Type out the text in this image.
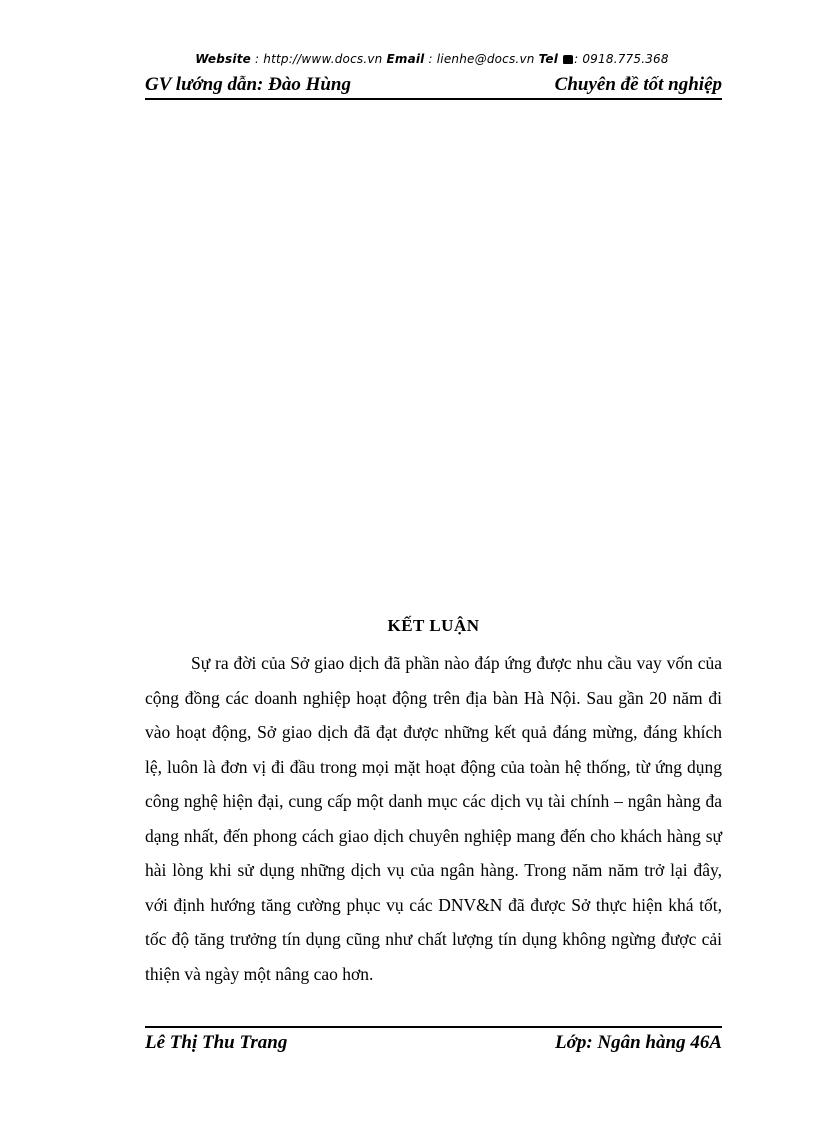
Website : http://www.docs.vn Email : lienhe@docs.vn Tel : 0918.775.368
GV lướng dẫn: Đào Hùng	Chuyên đề tốt nghiệp
KẾT LUẬN
Sự ra đời của Sở giao dịch đã phần nào đáp ứng được nhu cầu vay vốn của cộng đồng các doanh nghiệp hoạt động trên địa bàn Hà Nội. Sau gần 20 năm đi vào hoạt động, Sở giao dịch đã đạt được những kết quả đáng mừng, đáng khích lệ, luôn là đơn vị đi đầu trong mọi mặt hoạt động của toàn hệ thống, từ ứng dụng công nghệ hiện đại, cung cấp một danh mục các dịch vụ tài chính – ngân hàng đa dạng nhất, đến phong cách giao dịch chuyên nghiệp mang đến cho khách hàng sự hài lòng khi sử dụng những dịch vụ của ngân hàng. Trong năm năm trở lại đây, với định hướng tăng cường phục vụ các DNV&N đã được Sở thực hiện khá tốt, tốc độ tăng trưởng tín dụng cũng như chất lượng tín dụng không ngừng được cải thiện và ngày một nâng cao hơn.
Lê Thị Thu Trang	Lớp: Ngân hàng 46A
